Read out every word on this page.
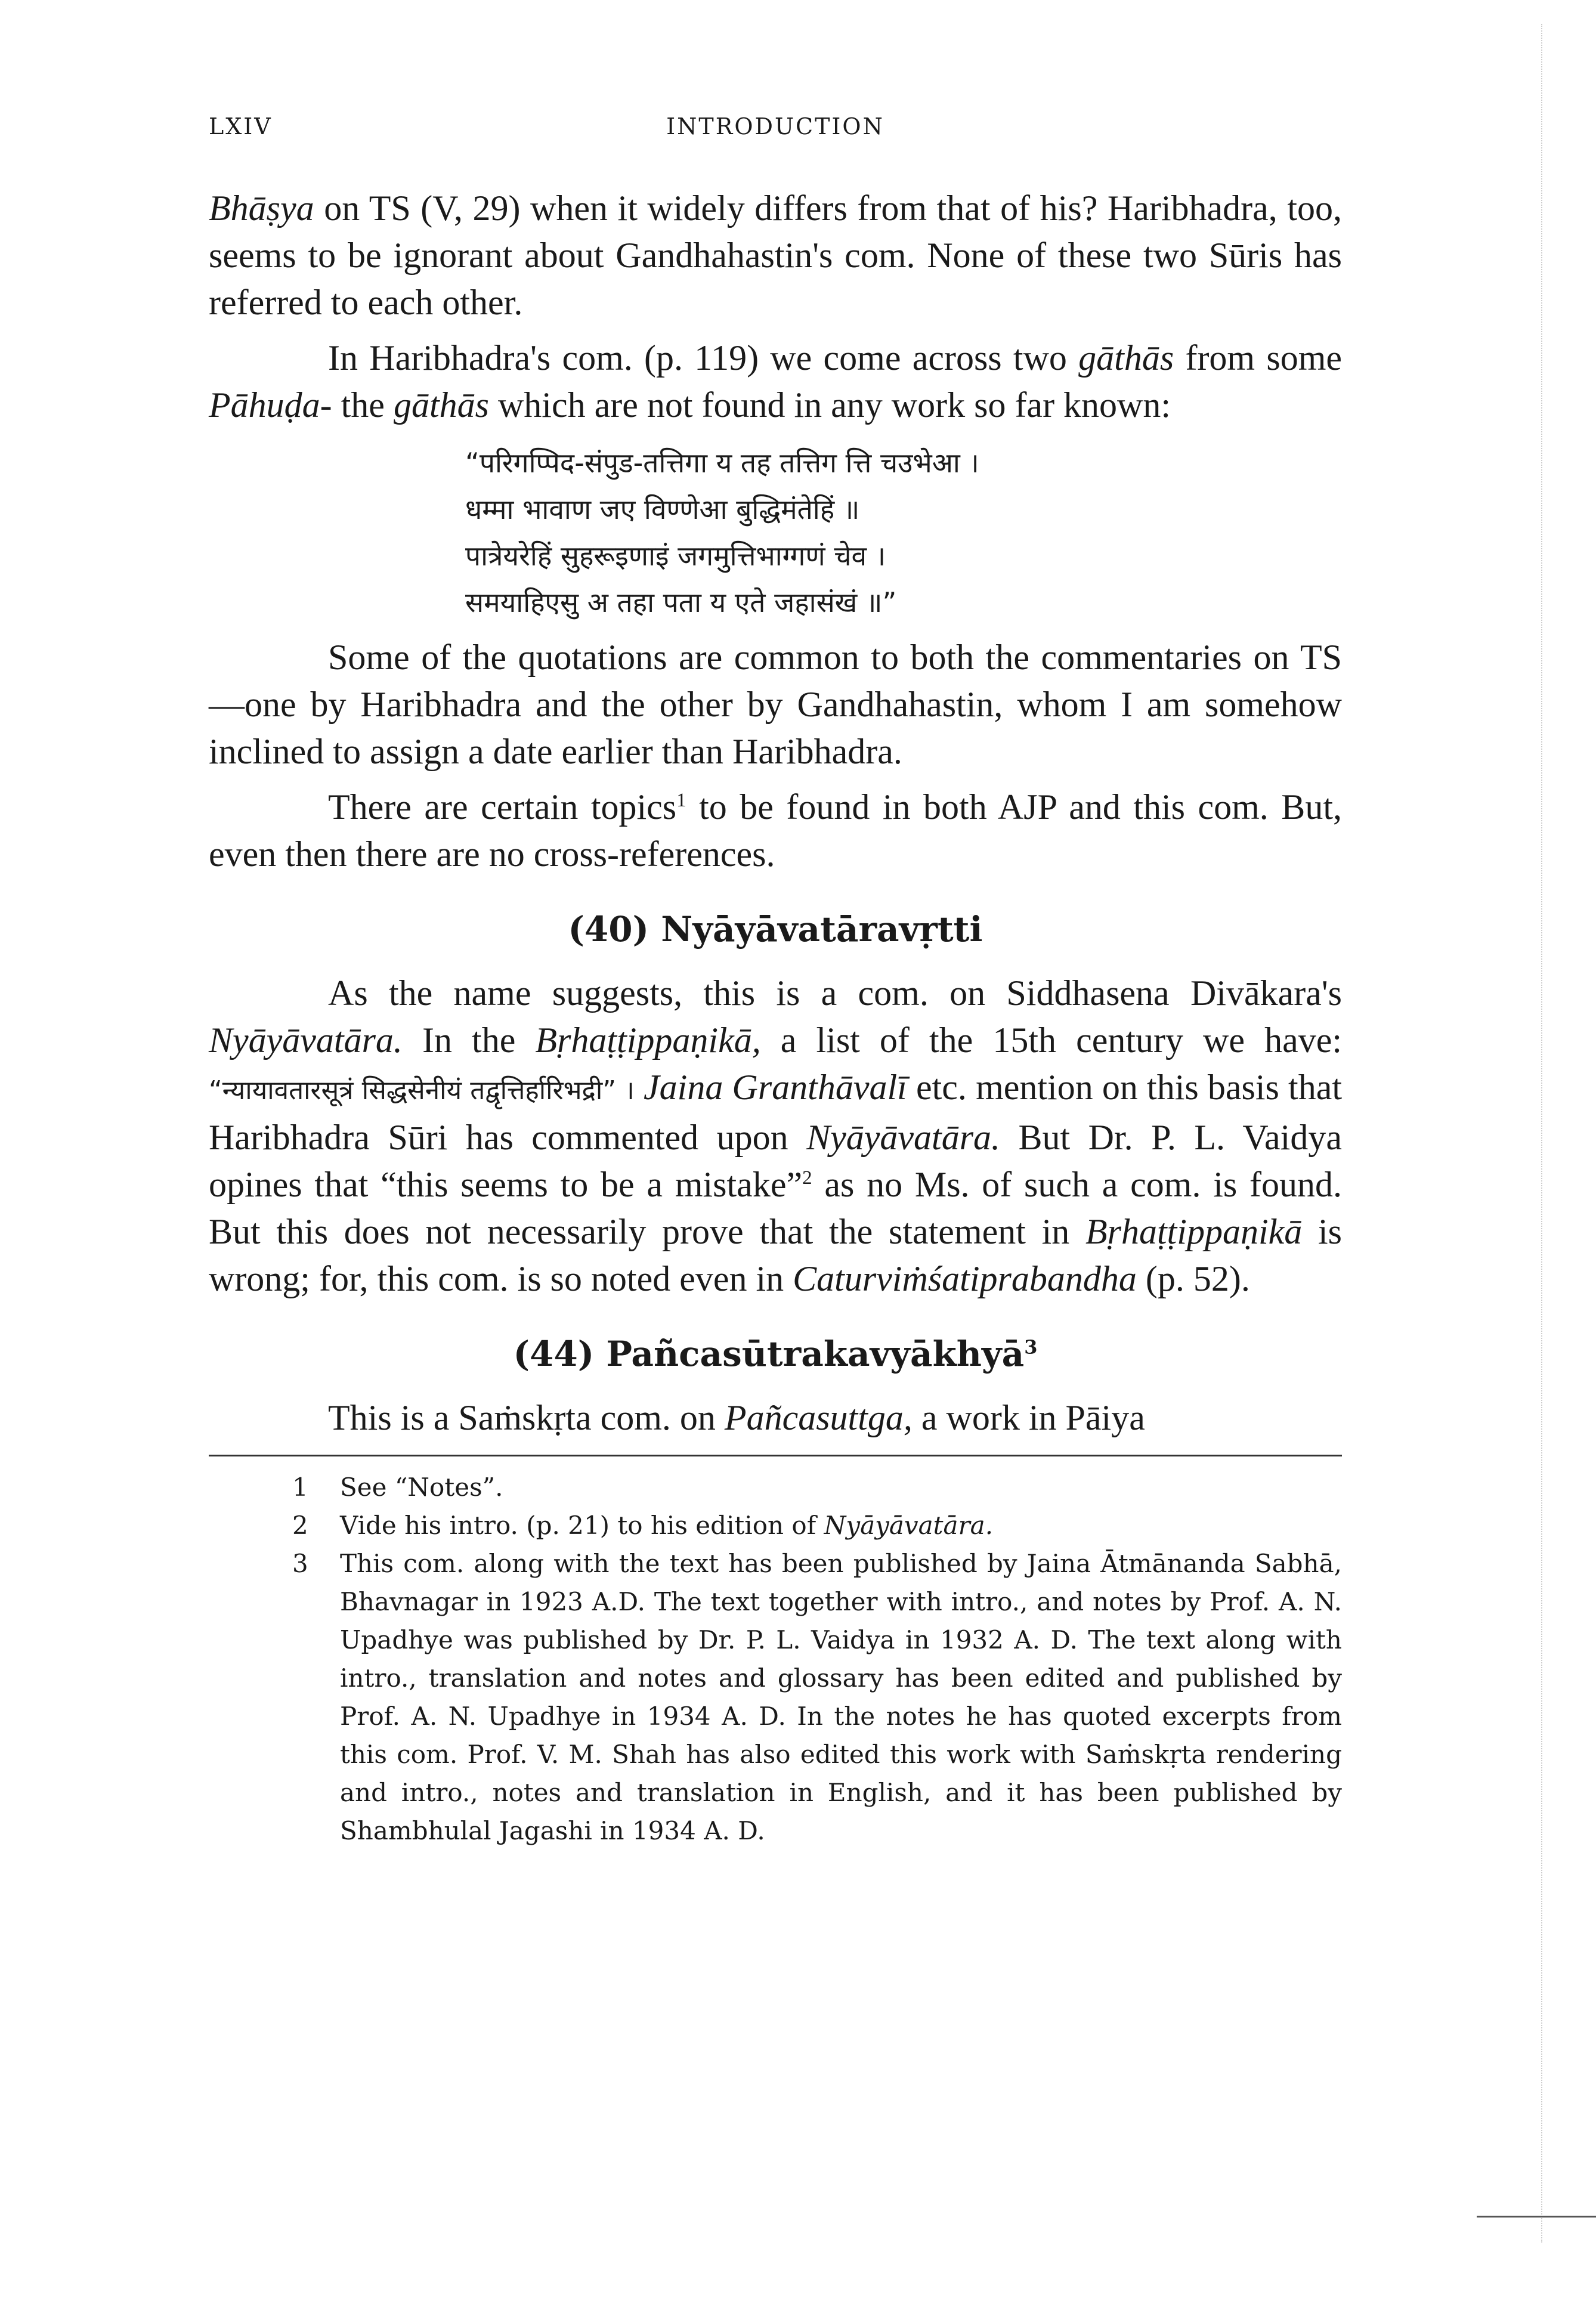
LXIV	INTRODUCTION

Bhāṣya on TS (V, 29) when it widely differs from that of his? Haribhadra, too, seems to be ignorant about Gandhahastin's com. None of these two Sūris has referred to each other.

In Haribhadra's com. (p. 119) we come across two gāthās from some Pāhuḍa- the gāthās which are not found in any work so far known:

“परिगप्पिद-संपुड-तत्तिगा य तह तत्तिग त्ति चउभेआ ।
धम्मा भावाण जए विण्णेआ बुद्धिमंतेहिं ॥
पात्रेयरेहिं सुहरूइणाइं जगमुत्तिभाग्गणं चेव ।
समयाहिएसु अ तहा पता य एते जहासंखं ॥”

Some of the quotations are common to both the commentaries on TS—one by Haribhadra and the other by Gandhahastin, whom I am somehow inclined to assign a date earlier than Haribhadra.

There are certain topics$^1$ to be found in both AJP and this com. But, even then there are no cross-references.

(40) Nyāyāvatāravṛtti

As the name suggests, this is a com. on Siddhasena Divākara's Nyāyāvatāra. In the Bṛhaṭṭippaṇikā, a list of the 15th century we have: “न्यायावतारसूत्रं सिद्धसेनीयं तद्वृत्तिर्हारिभद्री” । Jaina Granthāvalī etc. mention on this basis that Haribhadra Sūri has commented upon Nyāyāvatāra. But Dr. P. L. Vaidya opines that “this seems to be a mistake”$^2$ as no Ms. of such a com. is found. But this does not necessarily prove that the statement in Bṛhaṭṭippaṇikā is wrong; for, this com. is so noted even in Caturviṁśatiprabandha (p. 52).

(44) Pañcasūtrakavyākhyā$^3$

This is a Saṁskṛta com. on Pañcasuttga, a work in Pāiya

1	See “Notes”.
2	Vide his intro. (p. 21) to his edition of Nyāyāvatāra.
3	This com. along with the text has been published by Jaina Ātmānanda Sabhā, Bhavnagar in 1923 A.D. The text together with intro., and notes by Prof. A. N. Upadhye was published by Dr. P. L. Vaidya in 1932 A. D. The text along with intro., translation and notes and glossary has been edited and published by Prof. A. N. Upadhye in 1934 A. D. In the notes he has quoted excerpts from this com. Prof. V. M. Shah has also edited this work with Saṁskṛta rendering and intro., notes and translation in English, and it has been published by Shambhulal Jagashi in 1934 A. D.
